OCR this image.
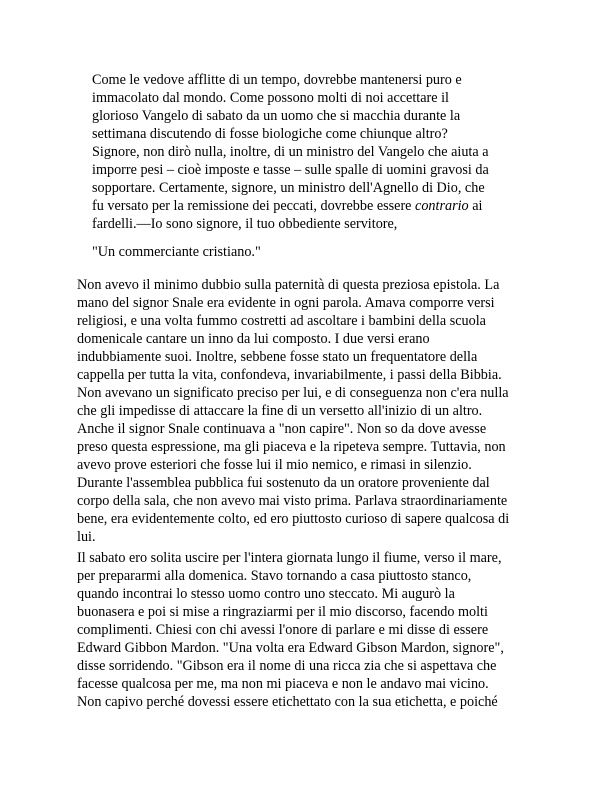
Come le vedove afflitte di un tempo, dovrebbe mantenersi puro e
immacolato dal mondo. Come possono molti di noi accettare il
glorioso Vangelo di sabato da un uomo che si macchia durante la
settimana discutendo di fosse biologiche come chiunque altro?
Signore, non dirò nulla, inoltre, di un ministro del Vangelo che aiuta a
imporre pesi – cioè imposte e tasse – sulle spalle di uomini gravosi da
sopportare. Certamente, signore, un ministro dell'Agnello di Dio, che
fu versato per la remissione dei peccati, dovrebbe essere contrario ai
fardelli.—Io sono signore, il tuo obbediente servitore,
"Un commerciante cristiano."
Non avevo il minimo dubbio sulla paternità di questa preziosa epistola. La
mano del signor Snale era evidente in ogni parola. Amava comporre versi
religiosi, e una volta fummo costretti ad ascoltare i bambini della scuola
domenicale cantare un inno da lui composto. I due versi erano
indubbiamente suoi. Inoltre, sebbene fosse stato un frequentatore della
cappella per tutta la vita, confondeva, invariabilmente, i passi della Bibbia.
Non avevano un significato preciso per lui, e di conseguenza non c'era nulla
che gli impedisse di attaccare la fine di un versetto all'inizio di un altro.
Anche il signor Snale continuava a "non capire". Non so da dove avesse
preso questa espressione, ma gli piaceva e la ripeteva sempre. Tuttavia, non
avevo prove esteriori che fosse lui il mio nemico, e rimasi in silenzio.
Durante l'assemblea pubblica fui sostenuto da un oratore proveniente dal
corpo della sala, che non avevo mai visto prima. Parlava straordinariamente
bene, era evidentemente colto, ed ero piuttosto curioso di sapere qualcosa di
lui.
Il sabato ero solita uscire per l'intera giornata lungo il fiume, verso il mare,
per prepararmi alla domenica. Stavo tornando a casa piuttosto stanco,
quando incontrai lo stesso uomo contro uno steccato. Mi augurò la
buonasera e poi si mise a ringraziarmi per il mio discorso, facendo molti
complimenti. Chiesi con chi avessi l'onore di parlare e mi disse di essere
Edward Gibbon Mardon. "Una volta era Edward Gibson Mardon, signore",
disse sorridendo. "Gibson era il nome di una ricca zia che si aspettava che
facesse qualcosa per me, ma non mi piaceva e non le andavo mai vicino.
Non capivo perché dovessi essere etichettato con la sua etichetta, e poiché
